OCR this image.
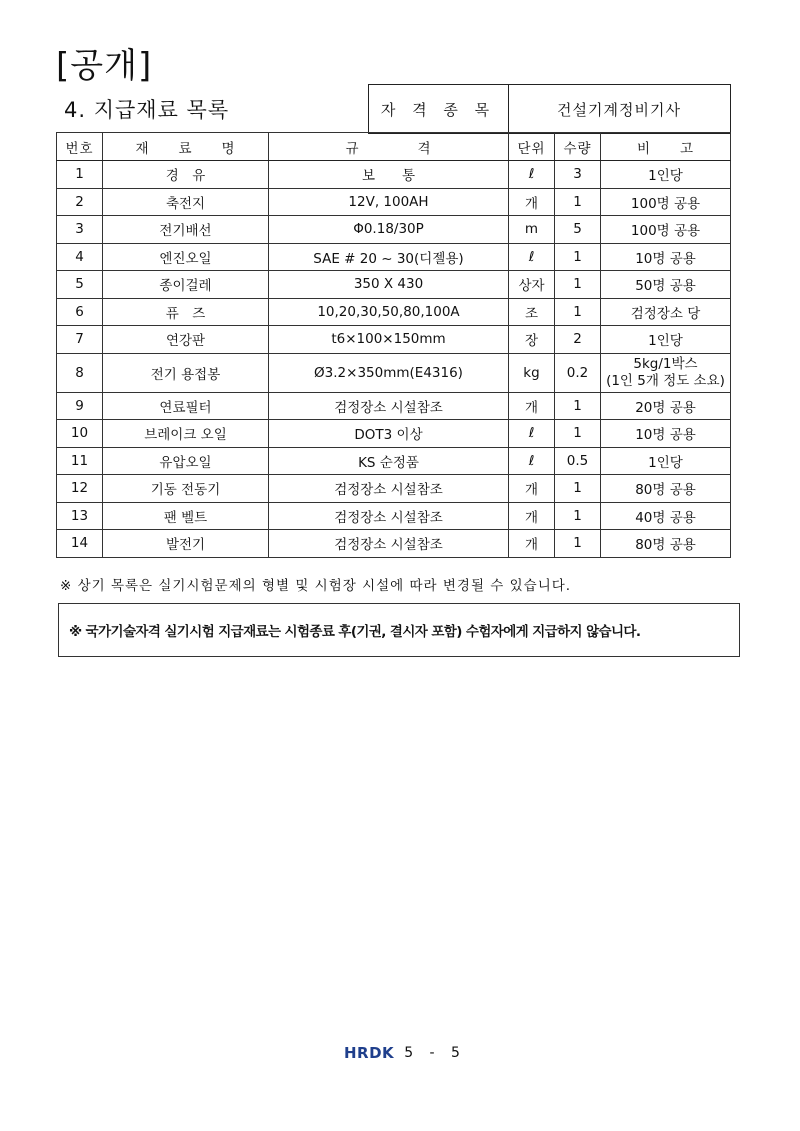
[공개]
4. 지급재료 목록	자 격 종 목	건설기계정비기사
번호	재　　료　　명	규　　　　격	단위	수량	비　　고
1	경　유	보　　통	ℓ	3	1인당
2	축전지	12V, 100AH	개	1	100명 공용
3	전기배선	Φ0.18/30P	m	5	100명 공용
4	엔진오일	SAE # 20 ~ 30(디젤용)	ℓ	1	10명 공용
5	종이걸레	350 X 430	상자	1	50명 공용
6	퓨　즈	10,20,30,50,80,100A	조	1	검정장소 당
7	연강판	t6×100×150mm	장	2	1인당
8	전기 용접봉	Ø3.2×350mm(E4316)	kg	0.2	5kg/1박스
(1인 5개 정도 소요)

9	연료필터	검정장소 시설참조	개	1	20명 공용
10	브레이크 오일	DOT3 이상	ℓ	1	10명 공용
11	유압오일	KS 순정품	ℓ	0.5	1인당
12	기동 전동기	검정장소 시설참조	개	1	80명 공용
13	팬 벨트	검정장소 시설참조	개	1	40명 공용
14	발전기	검정장소 시설참조	개	1	80명 공용
※ 상기 목록은 실기시험문제의 형별 및 시험장 시설에 따라 변경될 수 있습니다.
※ 국가기술자격 실기시험 지급재료는 시험종료 후(기권, 결시자 포함) 수험자에게 지급하지 않습니다.
HRDK 5 - 5
